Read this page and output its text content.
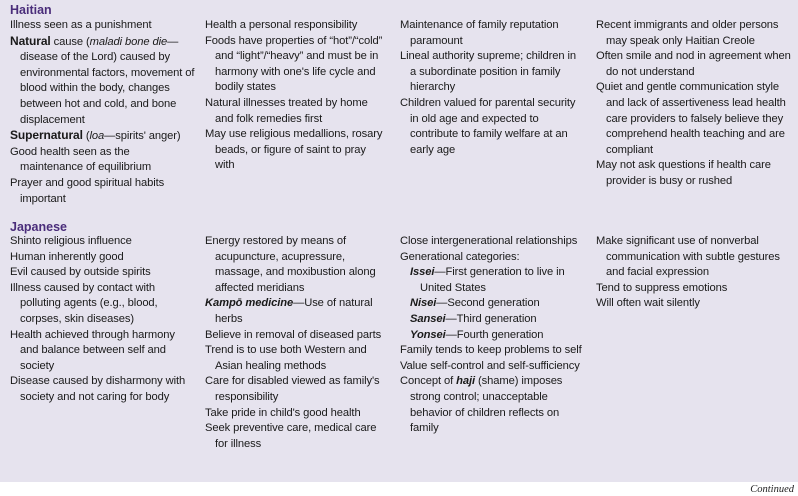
Haitian

Illness seen as a punishment

Natural cause (maladi bone die—disease of the Lord) caused by environmental factors, movement of blood within the body, changes between hot and cold, and bone displacement

Supernatural (loa—spirits' anger)

Good health seen as the maintenance of equilibrium

Prayer and good spiritual habits important

Health a personal responsibility

Foods have properties of “hot”/“cold” and “light”/“heavy” and must be in harmony with one's life cycle and bodily states

Natural illnesses treated by home and folk remedies first

May use religious medallions, rosary beads, or figure of saint to pray with

Maintenance of family reputation paramount

Lineal authority supreme; children in a subordinate position in family hierarchy

Children valued for parental security in old age and expected to contribute to family welfare at an early age

Recent immigrants and older persons may speak only Haitian Creole

Often smile and nod in agreement when do not understand

Quiet and gentle communication style and lack of assertiveness lead health care providers to falsely believe they comprehend health teaching and are compliant

May not ask questions if health care provider is busy or rushed

Japanese

Shinto religious influence

Human inherently good

Evil caused by outside spirits

Illness caused by contact with polluting agents (e.g., blood, corpses, skin diseases)

Health achieved through harmony and balance between self and society

Disease caused by disharmony with society and not caring for body

Energy restored by means of acupuncture, acupressure, massage, and moxibustion along affected meridians

Kampō medicine—Use of natural herbs

Believe in removal of diseased parts

Trend is to use both Western and Asian healing methods

Care for disabled viewed as family's responsibility

Take pride in child's good health

Seek preventive care, medical care for illness

Close intergenerational relationships

Generational categories:

Issei—First generation to live in United States

Nisei—Second generation

Sansei—Third generation

Yonsei—Fourth generation

Family tends to keep problems to self

Value self-control and self-sufficiency

Concept of haji (shame) imposes strong control; unacceptable behavior of children reflects on family

Make significant use of nonverbal communication with subtle gestures and facial expression

Tend to suppress emotions

Will often wait silently

Continued
